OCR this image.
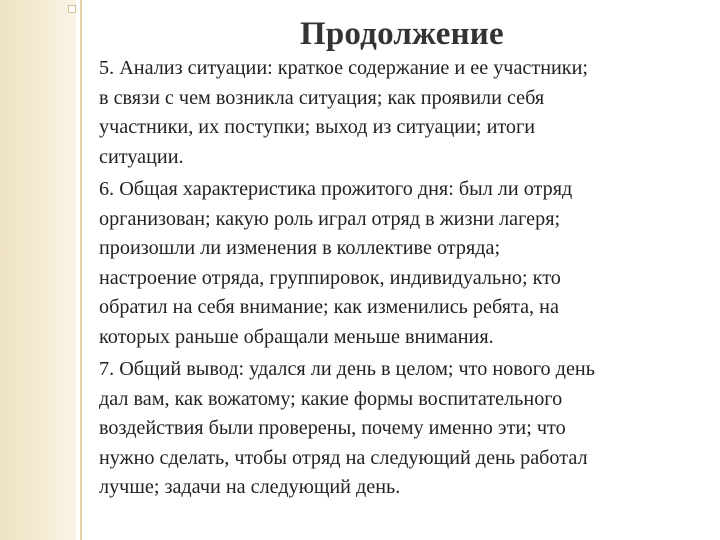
Продолжение
5. Анализ ситуации: краткое содержание и ее участники;
в связи с чем возникла ситуация; как проявили себя
участники, их поступки; выход из ситуации; итоги
ситуации.
6. Общая характеристика прожитого дня: был ли отряд
организован; какую роль играл отряд в жизни лагеря;
произошли ли изменения в коллективе отряда;
настроение отряда, группировок, индивидуально; кто
обратил на себя внимание; как изменились ребята, на
которых раньше обращали меньше внимания.
7. Общий вывод: удался ли день в целом; что нового день
дал вам, как вожатому; какие формы воспитательного
воздействия были проверены, почему именно эти; что
нужно сделать, чтобы отряд на следующий день работал
лучше; задачи на следующий день.
